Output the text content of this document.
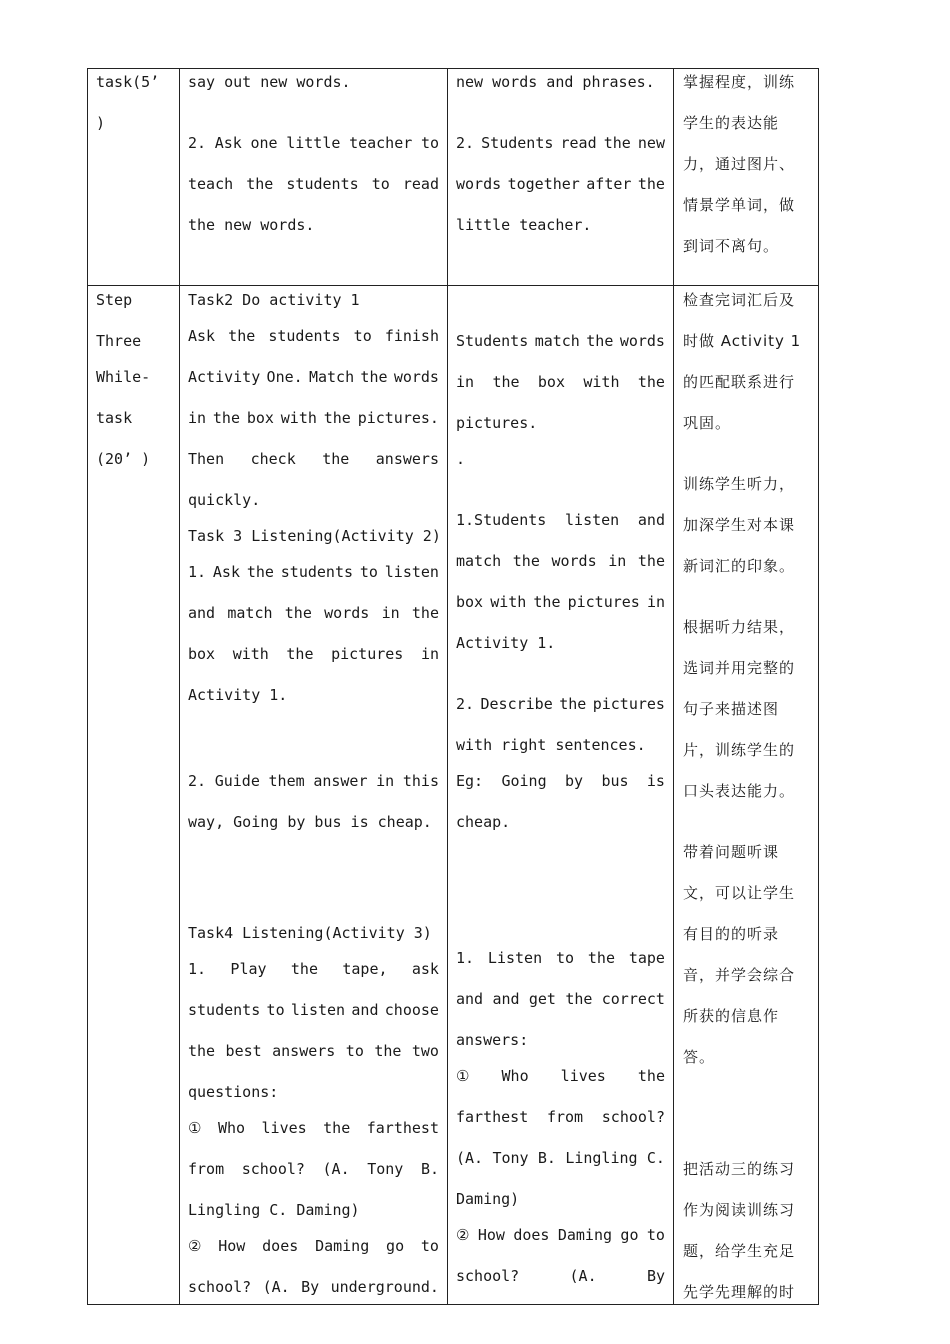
task(5’
)
say out new words.
2. Ask one little teacher to
teach the students to read
the new words.
new words and phrases.
2. Students read the new
words together after the
little teacher.
掌握程度，训练
学生的表达能
力，通过图片、
情景学单词，做
到词不离句。
Step
Three
While-
task
(20’ )
Task2 Do activity 1
Ask the students to finish
Activity One. Match the words
in the box with the pictures.
Then check the answers
quickly.
Task 3 Listening(Activity 2)
1. Ask the students to listen
and match the words in the
box with the pictures in
Activity 1.
2. Guide them answer in this
way, Going by bus is cheap.
Task4 Listening(Activity 3)
1. Play the tape, ask
students to listen and choose
the best answers to the two
questions:
① Who lives the farthest
from school? (A. Tony B.
Lingling C. Daming)
② How does Daming go to
school? (A. By underground.
Students match the words
in the box with the
pictures.
.
1.Students listen and
match the words in the
box with the pictures in
Activity 1.
2. Describe the pictures
with right sentences.
Eg: Going by bus is
cheap.
1. Listen to the tape
and and get the correct
answers:
① Who lives the
farthest from school?
(A. Tony B. Lingling C.
Daming)
② How does Daming go to
school?	(A.	By
检查完词汇后及
时做 Activity 1
的匹配联系进行
巩固。
训练学生听力，
加深学生对本课
新词汇的印象。
根据听力结果，
选词并用完整的
句子来描述图
片，训练学生的
口头表达能力。
带着问题听课
文，可以让学生
有目的的听录
音，并学会综合
所获的信息作
答。
把活动三的练习
作为阅读训练习
题，给学生充足
先学先理解的时
